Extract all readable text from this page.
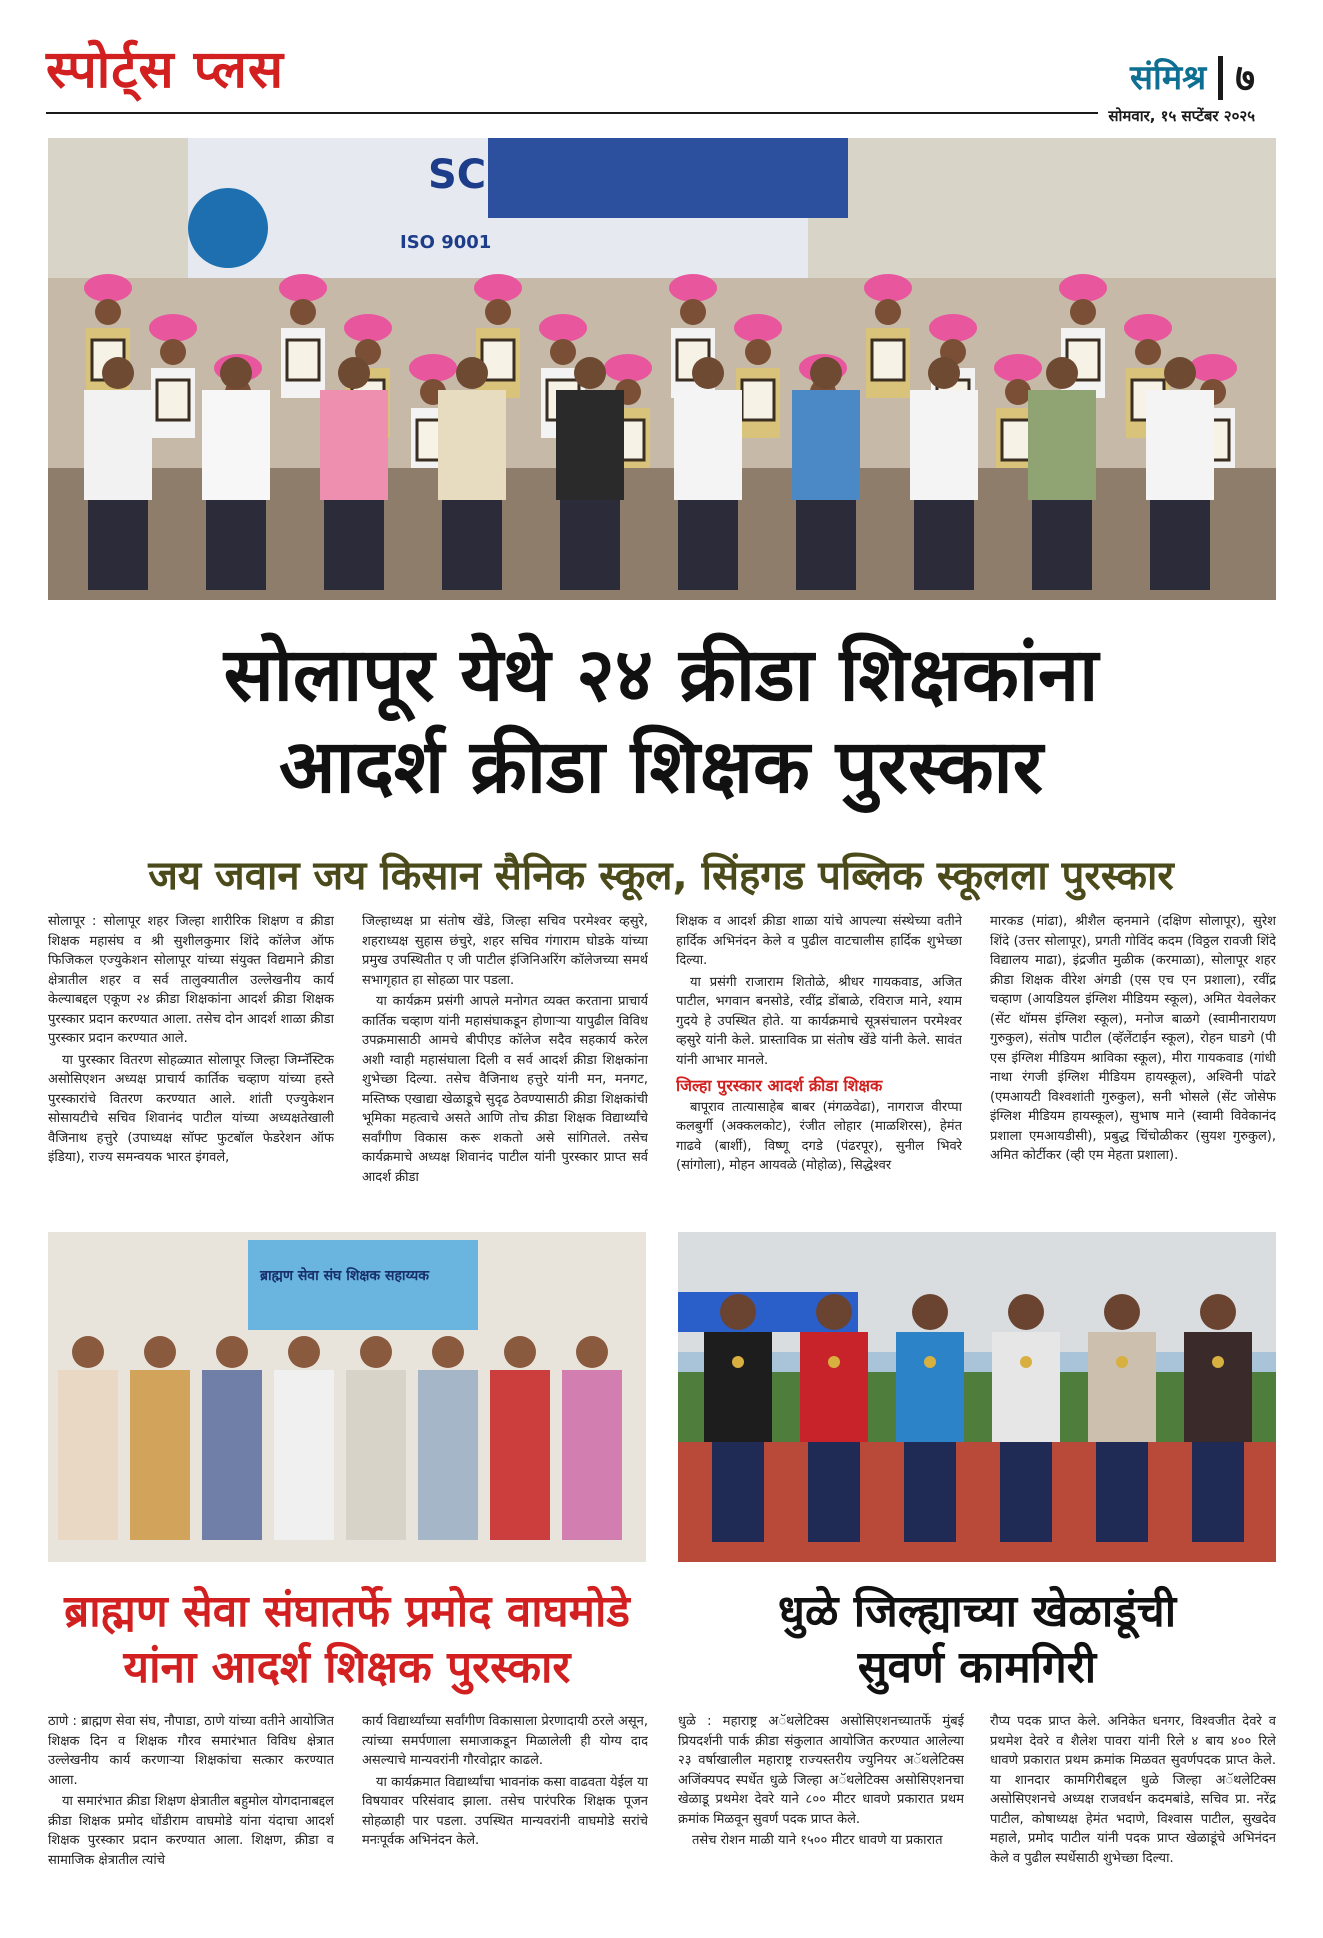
स्पोर्ट्स प्लस	संमिश्र ७
सोमवार, १५ सप्टेंबर २०२५
SC
ISO 9001
सोलापूर येथे २४ क्रीडा शिक्षकांना
आदर्श क्रीडा शिक्षक पुरस्कार
जय जवान जय किसान सैनिक स्कूल, सिंहगड पब्लिक स्कूलला पुरस्कार

सोलापूर : सोलापूर शहर जिल्हा शारीरिक शिक्षण व क्रीडा शिक्षक महासंघ व श्री सुशीलकुमार शिंदे कॉलेज ऑफ फिजिकल एज्युकेशन सोलापूर यांच्या संयुक्त विद्यमाने क्रीडा क्षेत्रातील शहर व सर्व तालुक्यातील उल्लेखनीय कार्य केल्याबद्दल एकूण २४ क्रीडा शिक्षकांना आदर्श क्रीडा शिक्षक पुरस्कार प्रदान करण्यात आला. तसेच दोन आदर्श शाळा क्रीडा पुरस्कार प्रदान करण्यात आले.

या पुरस्कार वितरण सोहळ्यात सोलापूर जिल्हा जिम्नॅस्टिक असोसिएशन अध्यक्ष प्राचार्य कार्तिक चव्हाण यांच्या हस्ते पुरस्कारांचे वितरण करण्यात आले. शांती एज्युकेशन सोसायटीचे सचिव शिवानंद पाटील यांच्या अध्यक्षतेखाली वैजिनाथ हत्तुरे (उपाध्यक्ष सॉफ्ट फुटबॉल फेडरेशन ऑफ इंडिया), राज्य समन्वयक भारत इंगवले,

जिल्हाध्यक्ष प्रा संतोष खेंडे, जिल्हा सचिव परमेश्वर व्हसुरे, शहराध्यक्ष सुहास छंचुरे, शहर सचिव गंगाराम घोडके यांच्या प्रमुख उपस्थितीत ए जी पाटील इंजिनिअरिंग कॉलेजच्या समर्थ सभागृहात हा सोहळा पार पडला.

या कार्यक्रम प्रसंगी आपले मनोगत व्यक्त करताना प्राचार्य कार्तिक चव्हाण यांनी महासंघाकडून होणाऱ्या यापुढील विविध उपक्रमासाठी आमचे बीपीएड कॉलेज सदैव सहकार्य करेल अशी ग्वाही महासंघाला दिली व सर्व आदर्श क्रीडा शिक्षकांना शुभेच्छा दिल्या. तसेच वैजिनाथ हत्तुरे यांनी मन, मनगट, मस्तिष्क एखाद्या खेळाडूचे सुदृढ ठेवण्यासाठी क्रीडा शिक्षकांची भूमिका महत्वाचे असते आणि तोच क्रीडा शिक्षक विद्यार्थ्यांचे सर्वांगीण विकास करू शकतो असे सांगितले. तसेच कार्यक्रमाचे अध्यक्ष शिवानंद पाटील यांनी पुरस्कार प्राप्त सर्व आदर्श क्रीडा

शिक्षक व आदर्श क्रीडा शाळा यांचे आपल्या संस्थेच्या वतीने हार्दिक अभिनंदन केले व पुढील वाटचालीस हार्दिक शुभेच्छा दिल्या.

या प्रसंगी राजाराम शितोळे, श्रीधर गायकवाड, अजित पाटील, भगवान बनसोडे, रवींद्र डोंबाळे, रविराज माने, श्याम गुदये हे उपस्थित होते. या कार्यक्रमाचे सूत्रसंचालन परमेश्वर व्हसुरे यांनी केले. प्रास्ताविक प्रा संतोष खेंडे यांनी केले. सावंत यांनी आभार मानले.

जिल्हा पुरस्कार आदर्श क्रीडा शिक्षक

बापूराव तात्यासाहेब बाबर (मंगळवेढा), नागराज वीरप्पा कलबुर्गी (अक्कलकोट), रंजीत लोहार (माळशिरस), हेमंत गाढवे (बार्शी), विष्णू दगडे (पंढरपूर), सुनील भिवरे (सांगोला), मोहन आयवळे (मोहोळ), सिद्धेश्वर

मारकड (मांढा), श्रीशैल व्हनमाने (दक्षिण सोलापूर), सुरेश शिंदे (उत्तर सोलापूर), प्रगती गोविंद कदम (विठ्ठल रावजी शिंदे विद्यालय माढा), इंद्रजीत मुळीक (करमाळा), सोलापूर शहर क्रीडा शिक्षक वीरेश अंगडी (एस एच एन प्रशाला), रवींद्र चव्हाण (आयडियल इंग्लिश मीडियम स्कूल), अमित येवलेकर (सेंट थॉमस इंग्लिश स्कूल), मनोज बाळगे (स्वामीनारायण गुरुकुल), संतोष पाटील (व्हॅलेंटाईन स्कूल), रोहन घाडगे (पी एस इंग्लिश मीडियम श्राविका स्कूल), मीरा गायकवाड (गांधी नाथा रंगजी इंग्लिश मीडियम हायस्कूल), अश्विनी पांढरे (एमआयटी विश्वशांती गुरुकुल), सनी भोसले (सेंट जोसेफ इंग्लिश मीडियम हायस्कूल), सुभाष माने (स्वामी विवेकानंद प्रशाला एमआयडीसी), प्रबुद्ध चिंचोळीकर (सुयश गुरुकुल), अमित कोर्टीकर (व्ही एम मेहता प्रशाला).

ब्राह्मण सेवा संघ शिक्षक सहाय्यक
ब्राह्मण सेवा संघातर्फे प्रमोद वाघमोडे
यांना आदर्श शिक्षक पुरस्कार
धुळे जिल्ह्याच्या खेळाडूंची
सुवर्ण कामगिरी

ठाणे : ब्राह्मण सेवा संघ, नौपाडा, ठाणे यांच्या वतीने आयोजित शिक्षक दिन व शिक्षक गौरव समारंभात विविध क्षेत्रात उल्लेखनीय कार्य करणाऱ्या शिक्षकांचा सत्कार करण्यात आला.

या समारंभात क्रीडा शिक्षण क्षेत्रातील बहुमोल योगदानाबद्दल क्रीडा शिक्षक प्रमोद धोंडीराम वाघमोडे यांना यंदाचा आदर्श शिक्षक पुरस्कार प्रदान करण्यात आला. शिक्षण, क्रीडा व सामाजिक क्षेत्रातील त्यांचे

कार्य विद्यार्थ्यांच्या सर्वांगीण विकासाला प्रेरणादायी ठरले असून, त्यांच्या समर्पणाला समाजाकडून मिळालेली ही योग्य दाद असल्याचे मान्यवरांनी गौरवोद्गार काढले.

या कार्यक्रमात विद्यार्थ्यांचा भावनांक कसा वाढवता येईल या विषयावर परिसंवाद झाला. तसेच पारंपरिक शिक्षक पूजन सोहळाही पार पडला. उपस्थित मान्यवरांनी वाघमोडे सरांचे मनःपूर्वक अभिनंदन केले.

धुळे : महाराष्ट्र अॅथलेटिक्स असोसिएशनच्यातर्फे मुंबई प्रियदर्शनी पार्क क्रीडा संकुलात आयोजित करण्यात आलेल्या २३ वर्षाखालील महाराष्ट्र राज्यस्तरीय ज्युनियर अॅथलेटिक्स अजिंक्यपद स्पर्धेत धुळे जिल्हा अॅथलेटिक्स असोसिएशनचा खेळाडू प्रथमेश देवरे याने ८०० मीटर धावणे प्रकारात प्रथम क्रमांक मिळवून सुवर्ण पदक प्राप्त केले.

तसेच रोशन माळी याने १५०० मीटर धावणे या प्रकारात

रौप्य पदक प्राप्त केले. अनिकेत धनगर, विश्वजीत देवरे व प्रथमेश देवरे व शैलेश पावरा यांनी रिले ४ बाय ४०० रिले धावणे प्रकारात प्रथम क्रमांक मिळवत सुवर्णपदक प्राप्त केले. या शानदार कामगिरीबद्दल धुळे जिल्हा अॅथलेटिक्स असोसिएशनचे अध्यक्ष राजवर्धन कदमबांडे, सचिव प्रा. नरेंद्र पाटील, कोषाध्यक्ष हेमंत भदाणे, विश्वास पाटील, सुखदेव महाले, प्रमोद पाटील यांनी पदक प्राप्त खेळाडूंचे अभिनंदन केले व पुढील स्पर्धेसाठी शुभेच्छा दिल्या.
